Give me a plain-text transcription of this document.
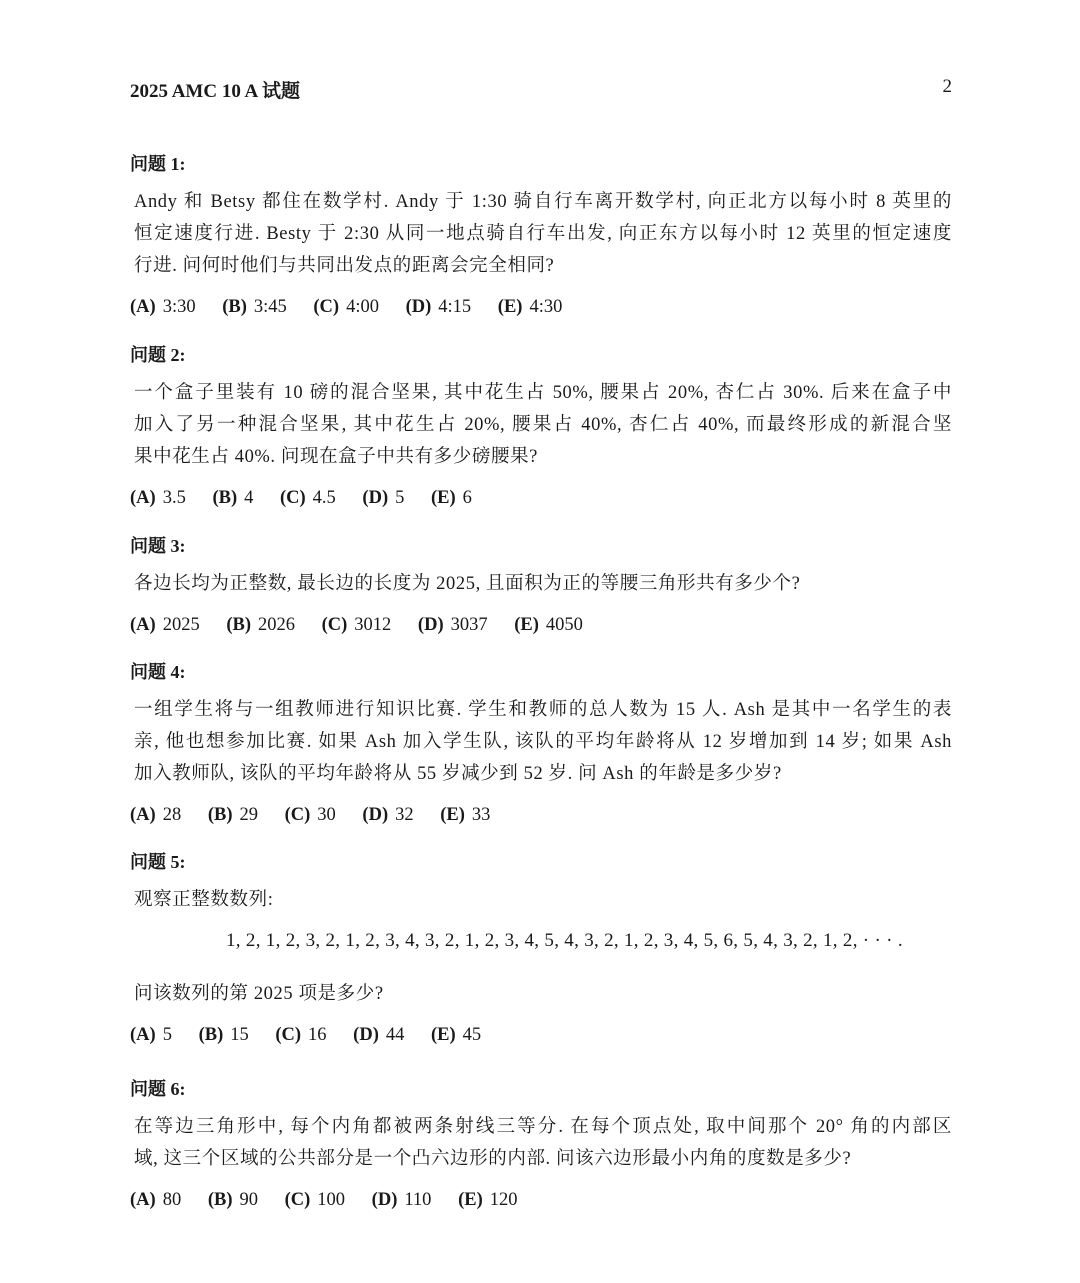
2025 AMC 10 A 试题	2
问题 1:
Andy 和 Betsy 都住在数学村. Andy 于 1:30 骑自行车离开数学村, 向正北方以每小时 8 英里的
恒定速度行进. Besty 于 2:30 从同一地点骑自行车出发, 向正东方以每小时 12 英里的恒定速度
行进. 问何时他们与共同出发点的距离会完全相同?
(A) 3:30 (B) 3:45 (C) 4:00 (D) 4:15 (E) 4:30
问题 2:
一个盒子里装有 10 磅的混合坚果, 其中花生占 50%, 腰果占 20%, 杏仁占 30%. 后来在盒子中
加入了另一种混合坚果, 其中花生占 20%, 腰果占 40%, 杏仁占 40%, 而最终形成的新混合坚
果中花生占 40%. 问现在盒子中共有多少磅腰果?
(A) 3.5 (B) 4 (C) 4.5 (D) 5 (E) 6
问题 3:
各边长均为正整数, 最长边的长度为 2025, 且面积为正的等腰三角形共有多少个?
(A) 2025 (B) 2026 (C) 3012 (D) 3037 (E) 4050
问题 4:
一组学生将与一组教师进行知识比赛. 学生和教师的总人数为 15 人. Ash 是其中一名学生的表
亲, 他也想参加比赛. 如果 Ash 加入学生队, 该队的平均年龄将从 12 岁增加到 14 岁; 如果 Ash
加入教师队, 该队的平均年龄将从 55 岁减少到 52 岁. 问 Ash 的年龄是多少岁?
(A) 28 (B) 29 (C) 30 (D) 32 (E) 33
问题 5:
观察正整数数列:
1, 2, 1, 2, 3, 2, 1, 2, 3, 4, 3, 2, 1, 2, 3, 4, 5, 4, 3, 2, 1, 2, 3, 4, 5, 6, 5, 4, 3, 2, 1, 2, · · · .
问该数列的第 2025 项是多少?
(A) 5 (B) 15 (C) 16 (D) 44 (E) 45
问题 6:
在等边三角形中, 每个内角都被两条射线三等分. 在每个顶点处, 取中间那个 20° 角的内部区
域, 这三个区域的公共部分是一个凸六边形的内部. 问该六边形最小内角的度数是多少?
(A) 80 (B) 90 (C) 100 (D) 110 (E) 120
